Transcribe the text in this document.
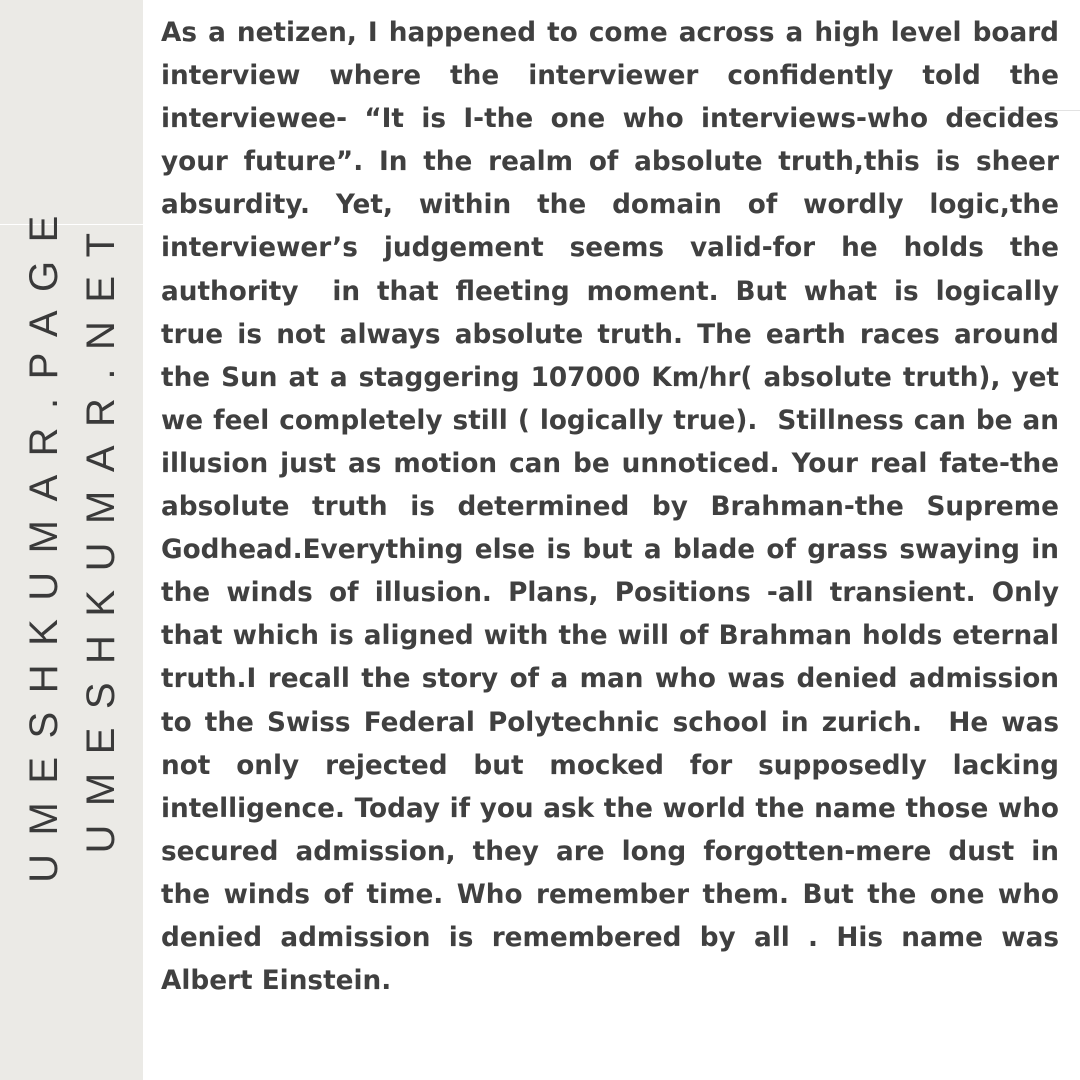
UMESHKUMAR.PAGE UMESHKUMAR.NET

As a netizen, I happened to come across a high level board interview where the interviewer confidently told the interviewee- “It is I-the one who interviews-who decides your future”. In the realm of absolute truth,this is sheer absurdity. Yet, within the domain of wordly logic,the interviewer’s judgement seems valid-for he holds the authority  in that fleeting moment. But what is logically true is not always absolute truth. The earth races around the Sun at a staggering 107000 Km/hr( absolute truth), yet we feel completely still ( logically true).  Stillness can be an illusion just as motion can be unnoticed. Your real fate-the absolute truth is determined by Brahman-the Supreme Godhead.Everything else is but a blade of grass swaying in the winds of illusion. Plans, Positions -all transient. Only that which is aligned with the will of Brahman holds eternal truth.I recall the story of a man who was denied admission to the Swiss Federal Polytechnic school in zurich.  He was not only rejected but mocked for supposedly lacking intelligence. Today if you ask the world the name those who secured admission, they are long forgotten-mere dust in the winds of time. Who remember them. But the one who denied admission is remembered by all . His name was Albert Einstein.
